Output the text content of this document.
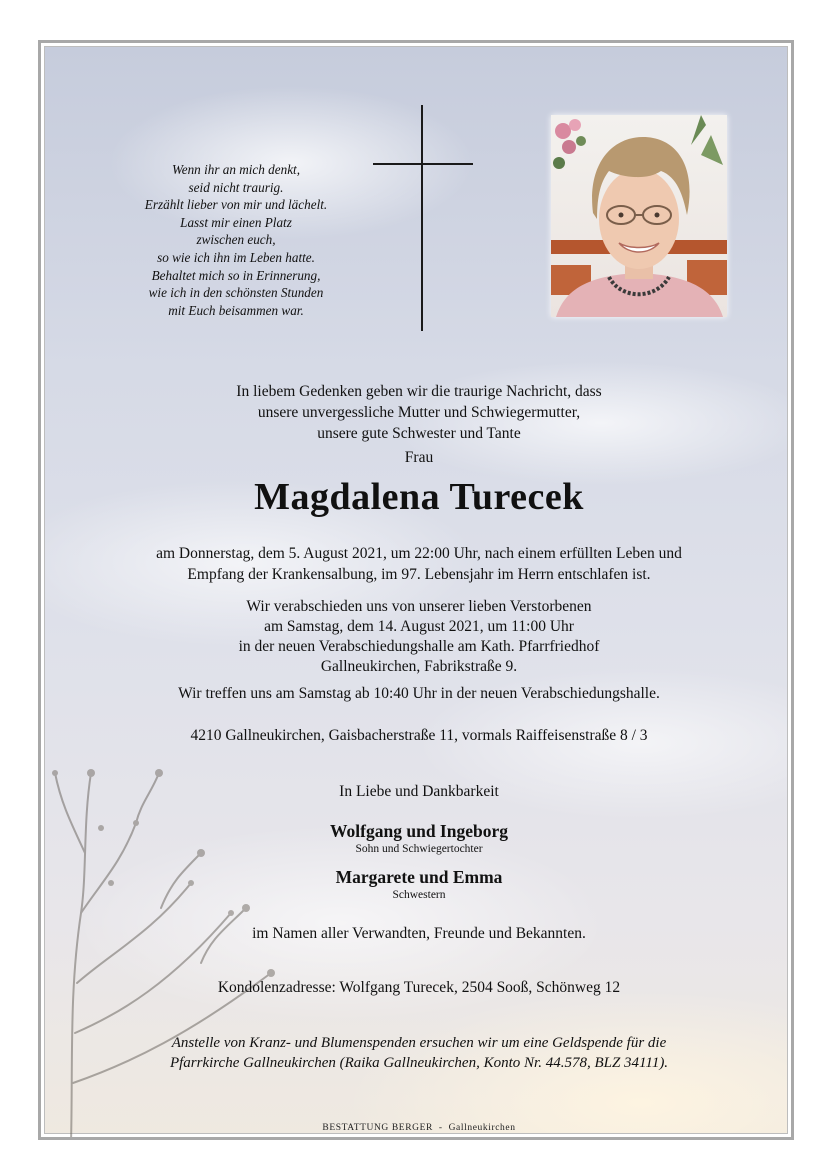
Wenn ihr an mich denkt,
seid nicht traurig.
Erzählt lieber von mir und lächelt.
Lasst mir einen Platz
zwischen euch,
so wie ich ihn im Leben hatte.
Behaltet mich so in Erinnerung,
wie ich in den schönsten Stunden
mit Euch beisammen war.
In liebem Gedenken geben wir die traurige Nachricht, dass
unsere unvergessliche Mutter und Schwiegermutter,
unsere gute Schwester und Tante
Frau
Magdalena Turecek
am Donnerstag, dem 5. August 2021, um 22:00 Uhr, nach einem erfüllten Leben und
Empfang der Krankensalbung, im 97. Lebensjahr im Herrn entschlafen ist.
Wir verabschieden uns von unserer lieben Verstorbenen
am Samstag, dem 14. August 2021, um 11:00 Uhr
in der neuen Verabschiedungshalle am Kath. Pfarrfriedhof
Gallneukirchen, Fabrikstraße 9.
Wir treffen uns am Samstag ab 10:40 Uhr in der neuen Verabschiedungshalle.
4210 Gallneukirchen, Gaisbacherstraße 11, vormals Raiffeisenstraße 8 / 3
In Liebe und Dankbarkeit
Wolfgang und Ingeborg
Sohn und Schwiegertochter
Margarete und Emma
Schwestern
im Namen aller Verwandten, Freunde und Bekannten.
Kondolenzadresse: Wolfgang Turecek, 2504 Sooß, Schönweg 12
Anstelle von Kranz- und Blumenspenden ersuchen wir um eine Geldspende für die
Pfarrkirche Gallneukirchen (Raika Gallneukirchen, Konto Nr. 44.578, BLZ 34111).
BESTATTUNG BERGER  -  Gallneukirchen
